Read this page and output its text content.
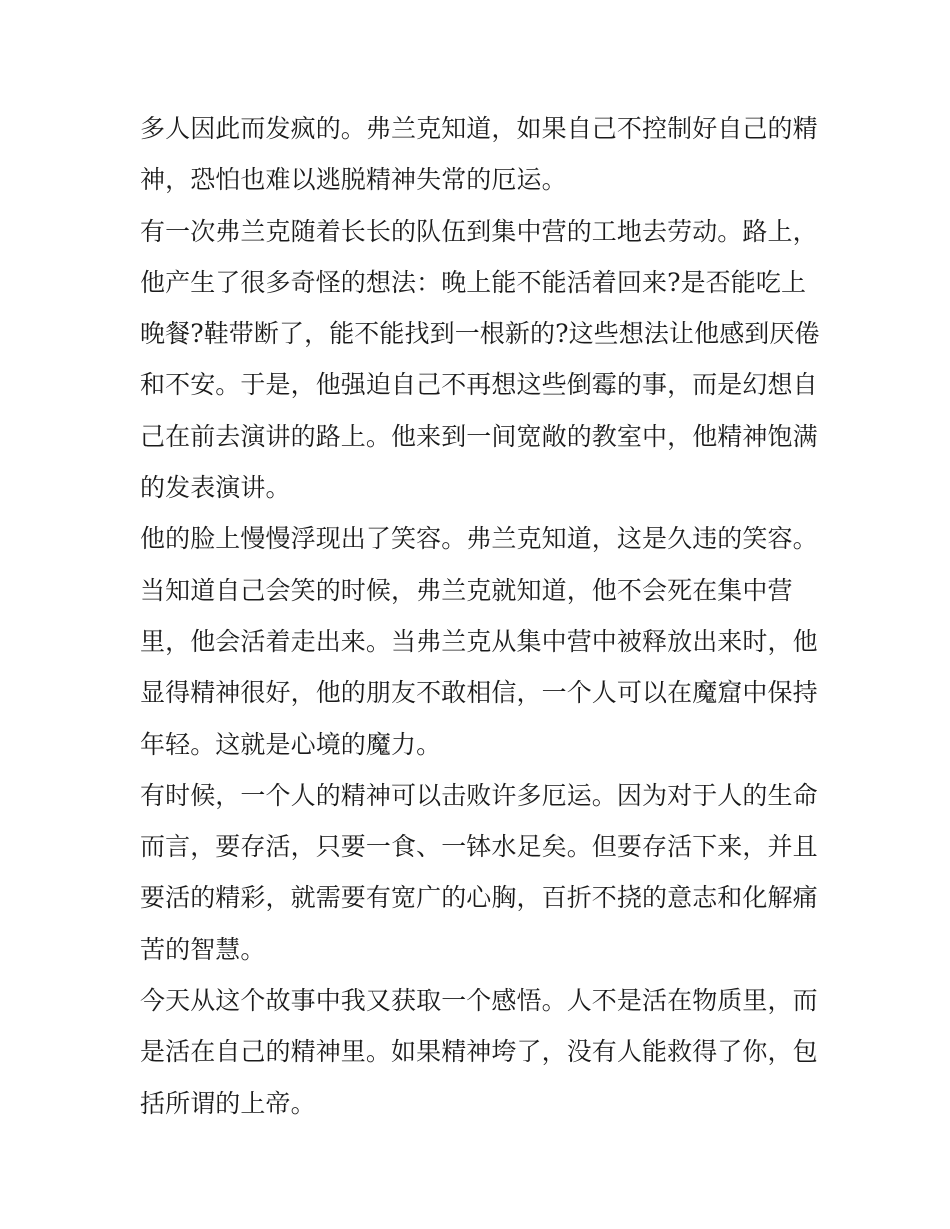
多人因此而发疯的。弗兰克知道，如果自己不控制好自己的精
神，恐怕也难以逃脱精神失常的厄运。
有一次弗兰克随着长长的队伍到集中营的工地去劳动。路上，
他产生了很多奇怪的想法：晚上能不能活着回来?是否能吃上
晚餐?鞋带断了，能不能找到一根新的?这些想法让他感到厌倦
和不安。于是，他强迫自己不再想这些倒霉的事，而是幻想自
己在前去演讲的路上。他来到一间宽敞的教室中，他精神饱满
的发表演讲。
他的脸上慢慢浮现出了笑容。弗兰克知道，这是久违的笑容。
当知道自己会笑的时候，弗兰克就知道，他不会死在集中营
里，他会活着走出来。当弗兰克从集中营中被释放出来时，他
显得精神很好，他的朋友不敢相信，一个人可以在魔窟中保持
年轻。这就是心境的魔力。
有时候，一个人的精神可以击败许多厄运。因为对于人的生命
而言，要存活，只要一食、一钵水足矣。但要存活下来，并且
要活的精彩，就需要有宽广的心胸，百折不挠的意志和化解痛
苦的智慧。
今天从这个故事中我又获取一个感悟。人不是活在物质里，而
是活在自己的精神里。如果精神垮了，没有人能救得了你，包
括所谓的上帝。
